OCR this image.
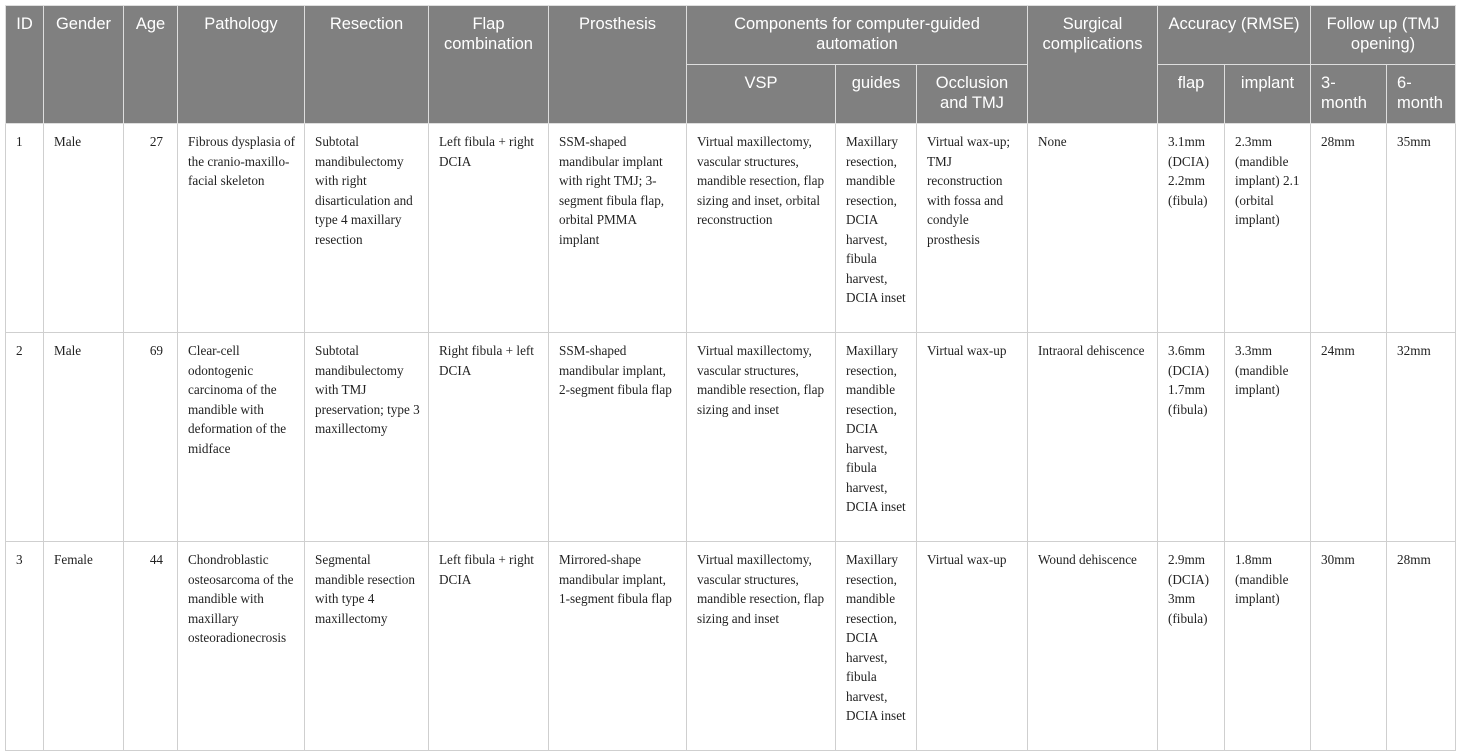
ID	Gender	Age	Pathology	Resection	Flap combination	Prosthesis	Components for computer-guided automation			Surgical complications	Accuracy (RMSE)		Follow up (TMJ opening)	
							VSP	guides	Occlusion and TMJ		flap	implant	3-month	6-month
1	Male	27	Fibrous dysplasia of the cranio-maxillo-facial skeleton	Subtotal mandibulectomy with right disarticulation and type 4 maxillary resection	Left fibula + right DCIA	SSM-shaped mandibular implant with right TMJ; 3-segment fibula flap, orbital PMMA implant	Virtual maxillectomy, vascular structures, mandible resection, flap sizing and inset, orbital reconstruction	Maxillary resection, mandible resection, DCIA harvest, fibula harvest, DCIA inset	Virtual wax-up; TMJ reconstruction with fossa and condyle prosthesis	None	3.1mm (DCIA) 2.2mm (fibula)	2.3mm (mandible implant) 2.1 (orbital implant)	28mm	35mm
2	Male	69	Clear-cell odontogenic carcinoma of the mandible with deformation of the midface	Subtotal mandibulectomy with TMJ preservation; type 3 maxillectomy	Right fibula + left DCIA	SSM-shaped mandibular implant, 2-segment fibula flap	Virtual maxillectomy, vascular structures, mandible resection, flap sizing and inset	Maxillary resection, mandible resection, DCIA harvest, fibula harvest, DCIA inset	Virtual wax-up	Intraoral dehiscence	3.6mm (DCIA) 1.7mm (fibula)	3.3mm (mandible implant)	24mm	32mm
3	Female	44	Chondroblastic osteosarcoma of the mandible with maxillary osteoradionecrosis	Segmental mandible resection with type 4 maxillectomy	Left fibula + right DCIA	Mirrored-shape mandibular implant, 1-segment fibula flap	Virtual maxillectomy, vascular structures, mandible resection, flap sizing and inset	Maxillary resection, mandible resection, DCIA harvest, fibula harvest, DCIA inset	Virtual wax-up	Wound dehiscence	2.9mm (DCIA) 3mm (fibula)	1.8mm (mandible implant)	30mm	28mm
